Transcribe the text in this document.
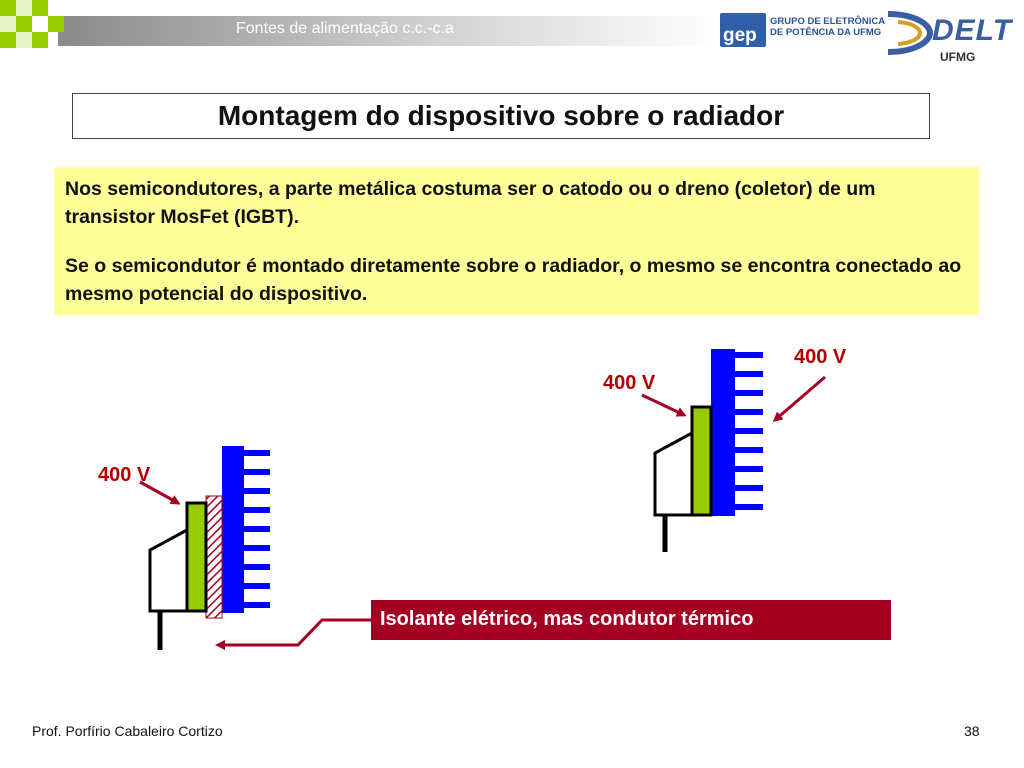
Fontes de alimentação c.c.-c.a	gep
GRUPO DE ELETRÔNICA
DE POTÊNCIA DA UFMG DELT
UFMG
Montagem do dispositivo sobre o radiador
Nos semicondutores, a parte metálica costuma ser o catodo ou o dreno (coletor) de um transistor MosFet (IGBT).
Se o semicondutor é montado diretamente sobre o radiador, o mesmo se encontra conectado ao mesmo potencial do dispositivo.
400 V
400 V
400 V
Isolante elétrico, mas condutor térmico
Prof. Porfírio Cabaleiro Cortizo	38
